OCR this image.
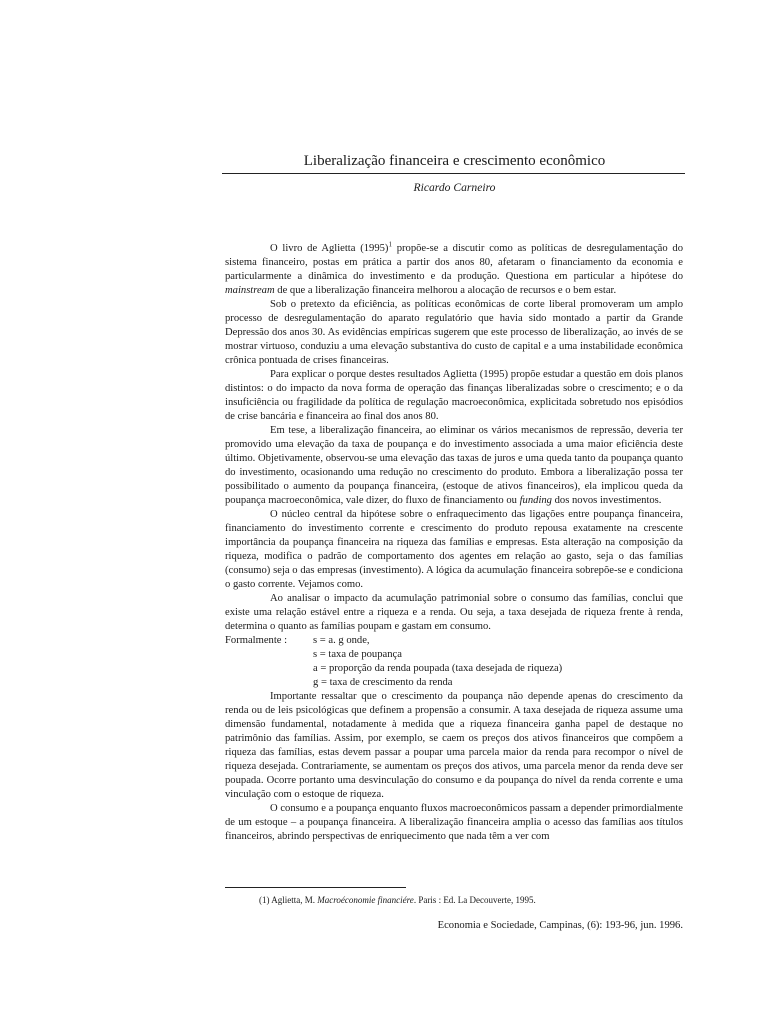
Liberalização financeira e crescimento econômico
Ricardo Carneiro

O livro de Aglietta $(1995)^1$ propõe-se a discutir como as políticas de desregulamentação do sistema financeiro, postas em prática a partir dos anos 80, afetaram o financiamento da economia e particularmente a dinâmica do investimento e da produção. Questiona em particular a hipótese do mainstream de que a liberalização financeira melhorou a alocação de recursos e o bem estar.

Sob o pretexto da eficiência, as políticas econômicas de corte liberal promoveram um amplo processo de desregulamentação do aparato regulatório que havia sido montado a partir da Grande Depressão dos anos 30. As evidências empíricas sugerem que este processo de liberalização, ao invés de se mostrar virtuoso, conduziu a uma elevação substantiva do custo de capital e a uma instabilidade econômica crônica pontuada de crises financeiras.

Para explicar o porque destes resultados Aglietta (1995) propõe estudar a questão em dois planos distintos: o do impacto da nova forma de operação das finanças liberalizadas sobre o crescimento; e o da insuficiência ou fragilidade da política de regulação macroeconômica, explicitada sobretudo nos episódios de crise bancária e financeira ao final dos anos 80.

Em tese, a liberalização financeira, ao eliminar os vários mecanismos de repressão, deveria ter promovido uma elevação da taxa de poupança e do investimento associada a uma maior eficiência deste último. Objetivamente, observou-se uma elevação das taxas de juros e uma queda tanto da poupança quanto do investimento, ocasionando uma redução no crescimento do produto. Embora a liberalização possa ter possibilitado o aumento da poupança financeira, (estoque de ativos financeiros), ela implicou queda da poupança macroeconômica, vale dizer, do fluxo de financiamento ou funding dos novos investimentos.

O núcleo central da hipótese sobre o enfraquecimento das ligações entre poupança financeira, financiamento do investimento corrente e crescimento do produto repousa exatamente na crescente importância da poupança financeira na riqueza das famílias e empresas. Esta alteração na composição da riqueza, modifica o padrão de comportamento dos agentes em relação ao gasto, seja o das famílias (consumo) seja o das empresas (investimento). A lógica da acumulação financeira sobrepõe-se e condiciona o gasto corrente. Vejamos como.

Ao analisar o impacto da acumulação patrimonial sobre o consumo das famílias, conclui que existe uma relação estável entre a riqueza e a renda. Ou seja, a taxa desejada de riqueza frente à renda, determina o quanto as famílias poupam e gastam em consumo.

Formalmente :	s = a. g onde,
s = taxa de poupança
a = proporção da renda poupada (taxa desejada de riqueza)
g = taxa de crescimento da renda

Importante ressaltar que o crescimento da poupança não depende apenas do crescimento da renda ou de leis psicológicas que definem a propensão a consumir. A taxa desejada de riqueza assume uma dimensão fundamental, notadamente à medida que a riqueza financeira ganha papel de destaque no patrimônio das famílias. Assim, por exemplo, se caem os preços dos ativos financeiros que compõem a riqueza das famílias, estas devem passar a poupar uma parcela maior da renda para recompor o nível de riqueza desejada. Contrariamente, se aumentam os preços dos ativos, uma parcela menor da renda deve ser poupada. Ocorre portanto uma desvinculação do consumo e da poupança do nível da renda corrente e uma vinculação com o estoque de riqueza.

O consumo e a poupança enquanto fluxos macroeconômicos passam a depender primordialmente de um estoque – a poupança financeira. A liberalização financeira amplia o acesso das famílias aos títulos financeiros, abrindo perspectivas de enriquecimento que nada têm a ver com

(1) Aglietta, M. Macroéconomie financiére. Paris : Ed. La Decouverte, 1995.
Economia e Sociedade, Campinas, (6): 193-96, jun. 1996.
